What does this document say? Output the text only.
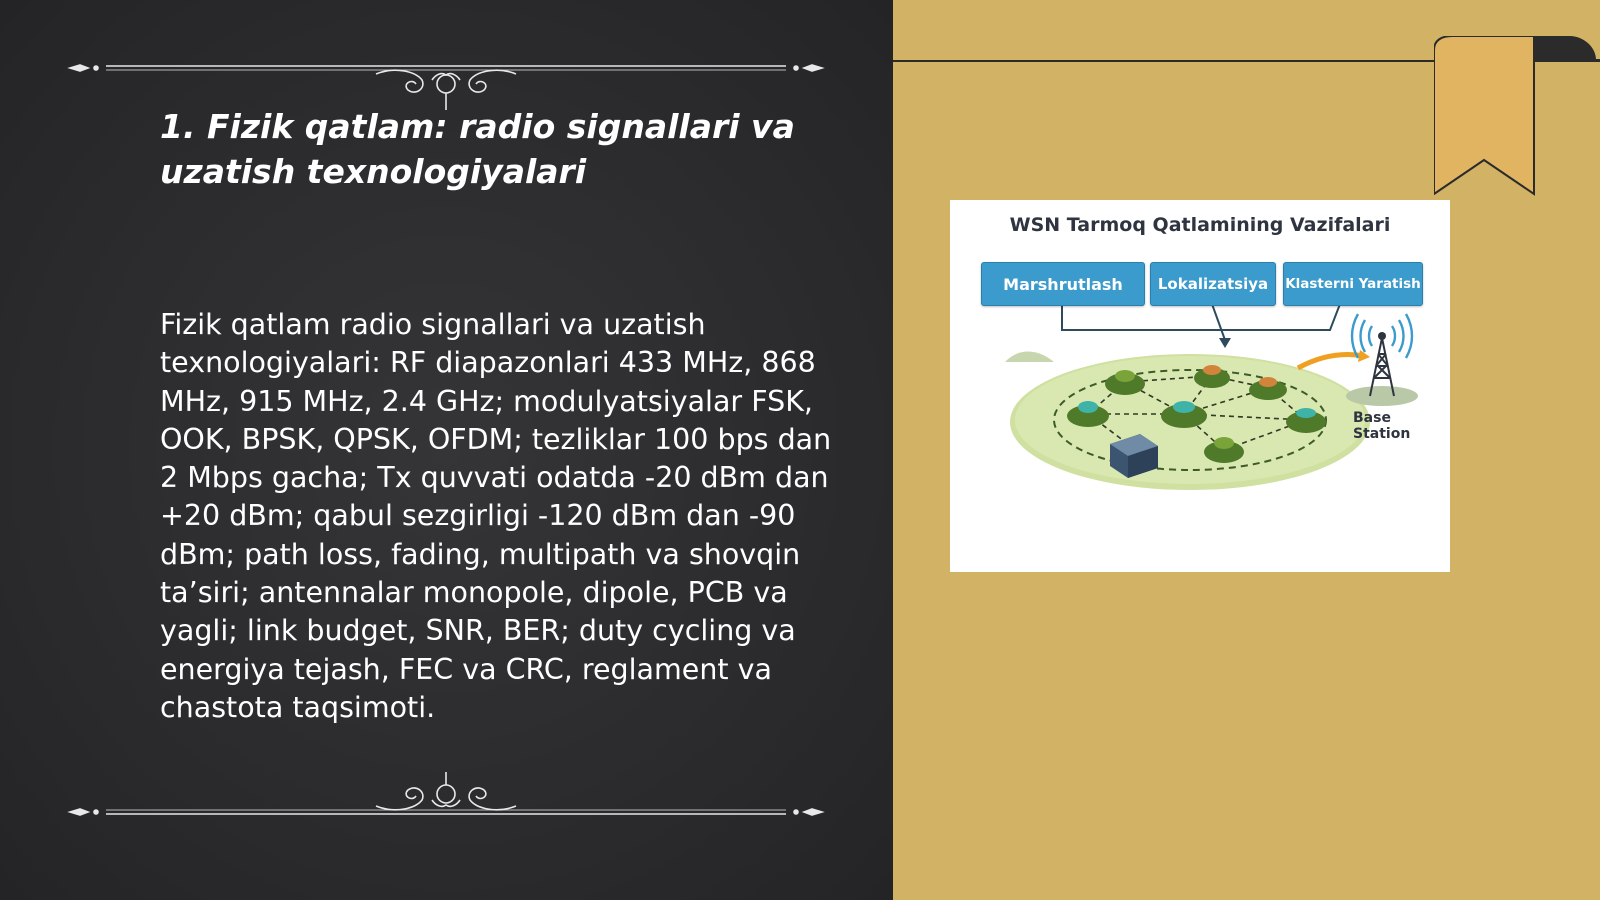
1. Fizik qatlam: radio signallari va uzatish texnologiyalari

Fizik qatlam radio signallari va uzatish texnologiyalari: RF diapazonlari 433 MHz, 868 MHz, 915 MHz, 2.4 GHz; modulyatsiyalar FSK, OOK, BPSK, QPSK, OFDM; tezliklar 100 bps dan 2 Mbps gacha; Tx quvvati odatda -20 dBm dan +20 dBm; qabul sezgirligi -120 dBm dan -90 dBm; path loss, fading, multipath va shovqin ta’siri; antennalar monopole, dipole, PCB va yagli; link budget, SNR, BER; duty cycling va energiya tejash, FEC va CRC, reglament va chastota taqsimoti.

WSN Tarmoq Qatlamining Vazifalari
Marshrutlash	Lokalizatsiya	Klasterni Yaratish
Base Station
